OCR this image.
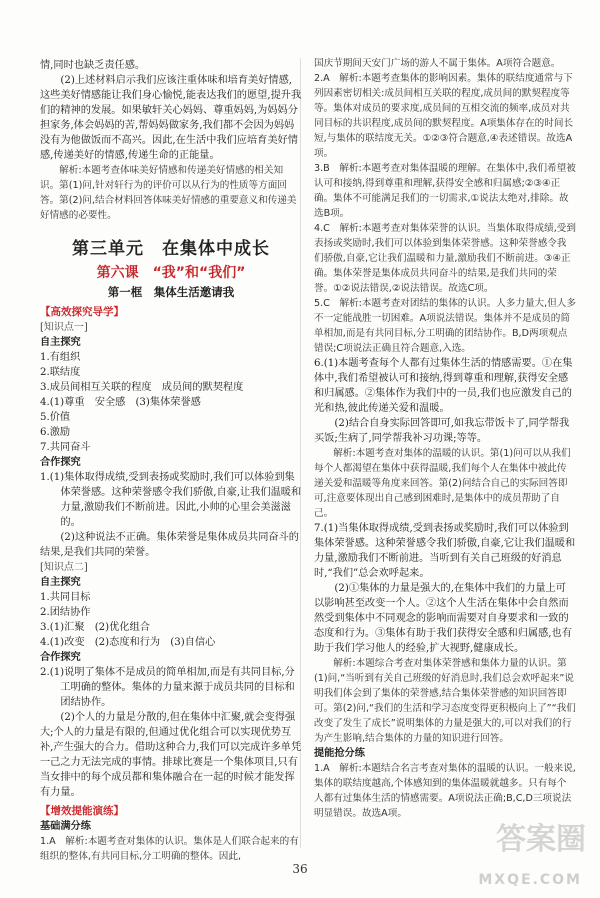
情,同时也缺乏责任感。

(2)上述材料启示我们应该注重体味和培育美好情感,这些美好情感能让我们身心愉悦,能表达我们的愿望,提升我们的精神的发展。如果敏轩关心妈妈、尊重妈妈,为妈妈分担家务,体会妈妈的苦,帮妈妈做家务,我们都不会因为妈妈没有为他做饭而不高兴。因此,在生活中我们应培育美好情感,传递美好的情感,传递生命的正能量。

解析:本题考查体味美好情感和传递美好情感的相关知识。第(1)问,针对轩行为的评价可以从行为的性质等方面回答。第(2)问,结合材料回答体味美好情感的重要意义和传递美好情感的必要性。

第三单元　在集体中成长
第六课　“我”和“我们”
第一框　集体生活邀请我
【高效探究导学】
[知识点一]
自主探究

1.有组织

2.联结度

3.成员间相互关联的程度　成员间的默契程度

4.(1)尊重　安全感　(3)集体荣誉感

5.价值

6.激励

7.共同奋斗

合作探究

1.(1)集体取得成绩,受到表扬或奖励时,我们可以体验到集体荣誉感。这种荣誉感令我们骄傲,自豪,让我们温暖和力量,激励我们不断前进。因此,小帅的心里会美滋滋的。

(2)这种说法不正确。集体荣誉是集体成员共同奋斗的结果,是我们共同的荣誉。

[知识点二]
自主探究

1.共同目标

2.团结协作

3.(1)汇聚　(2)优化组合

4.(1)改变　(2)态度和行为　(3)自信心

合作探究

2.(1)说明了集体不是成员的简单相加,而是有共同目标,分工明确的整体。集体的力量来源于成员共同的目标和团结协作。

(2)个人的力量是分散的,但在集体中汇聚,就会变得强大;个人的力量是有限的,但通过优化组合可以实现优势互补,产生强大的合力。借助这种合力,我们可以完成许多单凭一己之力无法完成的事情。排球比赛是一个集体项目,只有当女排中的每个成员都和集体融合在一起的时候才能发挥有力量。

【增效提能演练】
基础满分练

1.A　解析:本题考查对集体的认识。集体是人们联合起来的有组织的整体,有共同目标,分工明确的整体。因此,

国庆节期间天安门广场的游人不属于集体。A项符合题意。

2.A　解析:本题考查集体的影响因素。集体的联结度通常与下列因素密切相关:成员间相互关联的程度,成员间的默契程度等等。集体对成员的要求度,成员间的互相交流的频率,成员对共同目标的共识程度,成员间的默契程度。A项集体存在的时间长短,与集体的联结度无关。①②③符合题意,④表述错误。故选A项。

3.B　解析:本题考查对集体温暖的理解。在集体中,我们希望被认可和接纳,得到尊重和理解,获得安全感和归属感;②③④正确。集体不可能满足我们的一切需求,①说法太绝对,排除。故选B项。

4.C　解析:本题考查对集体荣誉的认识。当集体取得成绩,受到表扬或奖励时,我们可以体验到集体荣誉感。这种荣誉感令我们骄傲,自豪,它让我们温暖和力量,激励我们不断前进。③④正确。集体荣誉是集体成员共同奋斗的结果,是我们共同的荣誉。①②说法错误,②说法错误。故选C项。

5.C　解析:本题考查对团结的集体的认识。人多力量大,但人多不一定能战胜一切困难。A项说法错误。集体并不是成员的简单相加,而是有共同目标,分工明确的团结协作。B,D两项观点错误;C项说法正确且符合题意,入选。

6.(1)本题考查每个人都有过集体生活的情感需要。①在集体中,我们希望被认可和接纳,得到尊重和理解,获得安全感和归属感。②集体作为我们中的一员,我们也应激发自己的光和热,彼此传递关爱和温暖。

(2)结合自身实际回答即可,如我忘带饭卡了,同学帮我买饭;生病了,同学帮我补习功课;等等。

解析:本题考查对集体的温暖的认识。第(1)问可以从我们每个人都渴望在集体中获得温暖,我们每个人在集体中被此传递关爱和温暖等角度来回答。第(2)问结合自己的实际回答即可,注意要体现出自己感到困难时,是集体中的成员帮助了自己。

7.(1)当集体取得成绩,受到表扬或奖励时,我们可以体验到集体荣誉感。这种荣誉感令我们骄傲,自豪,它让我们温暖和力量,激励我们不断前进。当听到有关自己班级的好消息时,“我们”总会欢呼起来。

(2)①集体的力量是强大的,在集体中我们的力量上可以影响甚至改变一个人。②这个人生活在集体中会自然而然受到集体中不同观念的影响而需要对自身要求和一致的态度和行为。③集体有助于我们获得安全感和归属感,也有助于我们学习他人的经验,扩大视野,健康成长。

解析:本题综合考查对集体荣誉感和集体力量的认识。第(1)问,“当听到有关自己班级的好消息时,我们总会欢呼起来”说明我们体会到了集体的荣誉感,结合集体荣誉感的知识回答即可。第(2)问,“我们的生活和学习态度变得更积极向上了”“我们改变了发生了成长”说明集体的力量是强大的,可以对我们的行为产生影响,结合集体的力量的知识进行回答。

提能抢分练

1.A　解析:本题结合名言考查对集体的温暖的认识。一般来说,集体的联结度越高,个体感知到的集体温暖就越多。只有每个人都有过集体生活的情感需要。A项说法正确;B,C,D三项说法明显错误。故选A项。

36
答案圈
MXQE.COM
